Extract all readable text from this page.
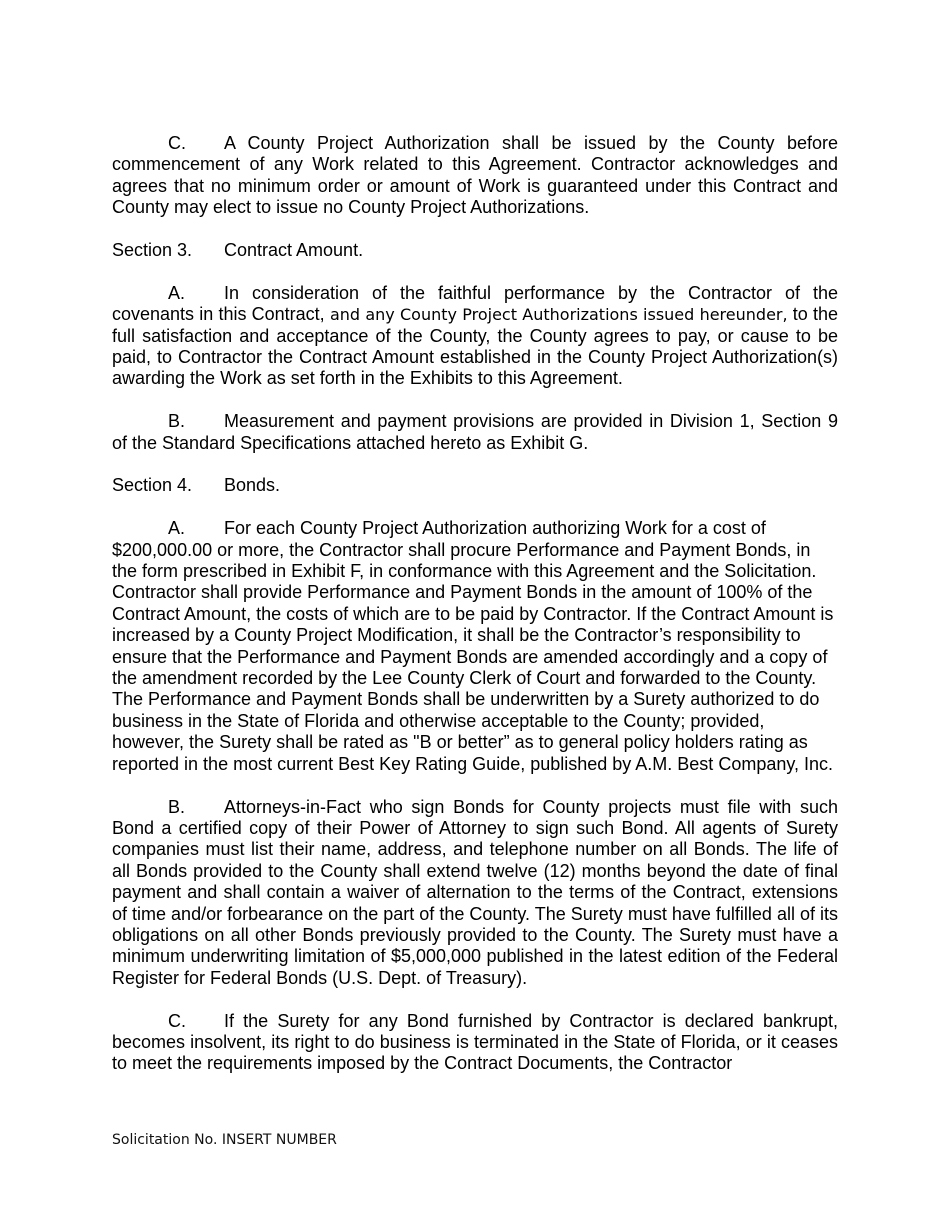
C. A County Project Authorization shall be issued by the County before commencement of any Work related to this Agreement. Contractor acknowledges and agrees that no minimum order or amount of Work is guaranteed under this Contract and County may elect to issue no County Project Authorizations.

Section 3. Contract Amount.

A. In consideration of the faithful performance by the Contractor of the covenants in this Contract, and any County Project Authorizations issued hereunder, to the full satisfaction and acceptance of the County, the County agrees to pay, or cause to be paid, to Contractor the Contract Amount established in the County Project Authorization(s) awarding the Work as set forth in the Exhibits to this Agreement.

B. Measurement and payment provisions are provided in Division 1, Section 9 of the Standard Specifications attached hereto as Exhibit G.

Section 4. Bonds.

A. For each County Project Authorization authorizing Work for a cost of $200,000.00 or more, the Contractor shall procure Performance and Payment Bonds, in the form prescribed in Exhibit F, in conformance with this Agreement and the Solicitation. Contractor shall provide Performance and Payment Bonds in the amount of 100% of the Contract Amount, the costs of which are to be paid by Contractor. If the Contract Amount is increased by a County Project Modification, it shall be the Contractor’s responsibility to ensure that the Performance and Payment Bonds are amended accordingly and a copy of the amendment recorded by the Lee County Clerk of Court and forwarded to the County. The Performance and Payment Bonds shall be underwritten by a Surety authorized to do business in the State of Florida and otherwise acceptable to the County; provided, however, the Surety shall be rated as "B or better” as to general policy holders rating as reported in the most current Best Key Rating Guide, published by A.M. Best Company, Inc.

B. Attorneys-in-Fact who sign Bonds for County projects must file with such Bond a certified copy of their Power of Attorney to sign such Bond. All agents of Surety companies must list their name, address, and telephone number on all Bonds. The life of all Bonds provided to the County shall extend twelve (12) months beyond the date of final payment and shall contain a waiver of alternation to the terms of the Contract, extensions of time and/or forbearance on the part of the County. The Surety must have fulfilled all of its obligations on all other Bonds previously provided to the County. The Surety must have a minimum underwriting limitation of $5,000,000 published in the latest edition of the Federal Register for Federal Bonds (U.S. Dept. of Treasury).

C. If the Surety for any Bond furnished by Contractor is declared bankrupt, becomes insolvent, its right to do business is terminated in the State of Florida, or it ceases to meet the requirements imposed by the Contract Documents, the Contractor

Solicitation No. INSERT NUMBER
